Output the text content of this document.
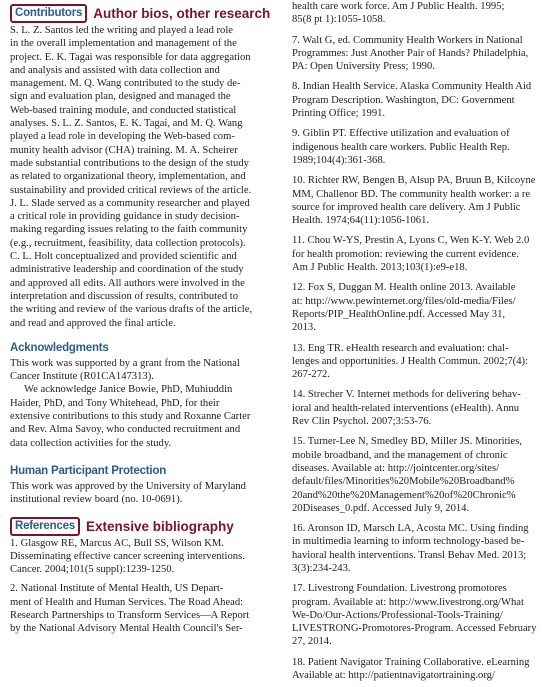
Contributors Author bios, other research

S. L. Z. Santos led the writing and played a lead role
in the overall implementation and management of the
project. E. K. Tagai was responsible for data aggregation
and analysis and assisted with data collection and
management. M. Q. Wang contributed to the study de-
sign and evaluation plan, designed and managed the
Web-based training module, and conducted statistical
analyses. S. L. Z. Santos, E. K. Tagai, and M. Q. Wang
played a lead role in developing the Web-based com-
munity health advisor (CHA) training. M. A. Scheirer
made substantial contributions to the design of the study
as related to organizational theory, implementation, and
sustainability and provided critical reviews of the article.
J. L. Slade served as a community researcher and played
a critical role in providing guidance in study decision-
making regarding issues relating to the faith community
(e.g., recruitment, feasibility, data collection protocols).
C. L. Holt conceptualized and provided scientific and
administrative leadership and coordination of the study
and approved all edits. All authors were involved in the
interpretation and discussion of results, contributed to
the writing and review of the various drafts of the article,
and read and approved the final article.

Acknowledgments

This work was supported by a grant from the National
Cancer Institute (R01CA147313).

We acknowledge Janice Bowie, PhD, Muhiuddin
Haider, PhD, and Tony Whitehead, PhD, for their
extensive contributions to this study and Roxanne Carter
and Rev. Alma Savoy, who conducted recruitment and
data collection activities for the study.

Human Participant Protection

This work was approved by the University of Maryland
institutional review board (no. 10-0691).

References Extensive bibliography

1. Glasgow RE, Marcus AC, Bull SS, Wilson KM.
Disseminating effective cancer screening interventions.
Cancer. 2004;101(5 suppl):1239-1250.

2. National Institute of Mental Health, US Depart-
ment of Health and Human Services. The Road Ahead:
Research Partnerships to Transform Services—A Report
by the National Advisory Mental Health Council's Ser-

health care work force. Am J Public Health. 1995;
85(8 pt 1):1055-1058.

7. Walt G, ed. Community Health Workers in National
Programmes: Just Another Pair of Hands? Philadelphia,
PA: Open University Press; 1990.

8. Indian Health Service. Alaska Community Health Aid
Program Description. Washington, DC: Government
Printing Office; 1991.

9. Giblin PT. Effective utilization and evaluation of
indigenous health care workers. Public Health Rep.
1989;104(4):361-368.

10. Richter RW, Bengen B, Alsup PA, Bruun B, Kilcoyne
MM, Challenor BD. The community health worker: a re
source for improved health care delivery. Am J Public
Health. 1974;64(11):1056-1061.

11. Chou W-YS, Prestin A, Lyons C, Wen K-Y. Web 2.0
for health promotion: reviewing the current evidence.
Am J Public Health. 2013;103(1):e9-e18.

12. Fox S, Duggan M. Health online 2013. Available
at: http://www.pewinternet.org/files/old-media/Files/
Reports/PIP_HealthOnline.pdf. Accessed May 31,
2013.

13. Eng TR. eHealth research and evaluation: chal-
lenges and opportunities. J Health Commun. 2002;7(4):
267-272.

14. Strecher V. Internet methods for delivering behav-
ioral and health-related interventions (eHealth). Annu
Rev Clin Psychol. 2007;3:53-76.

15. Turner-Lee N, Smedley BD, Miller JS. Minorities,
mobile broadband, and the management of chronic
diseases. Available at: http://jointcenter.org/sites/
default/files/Minorities%20Mobile%20Broadband%
20and%20the%20Management%20of%20Chronic%
20Diseases_0.pdf. Accessed July 9, 2014.

16. Aronson ID, Marsch LA, Acosta MC. Using finding
in multimedia learning to inform technology-based be-
havioral health interventions. Transl Behav Med. 2013;
3(3):234-243.

17. Livestrong Foundation. Livestrong promotores
program. Available at: http://www.livestrong.org/What
We-Do/Our-Actions/Professional-Tools-Training/
LIVESTRONG-Promotores-Program. Accessed February
27, 2014.

18. Patient Navigator Training Collaborative. eLearning
Available at: http://patientnavigatortraining.org/
